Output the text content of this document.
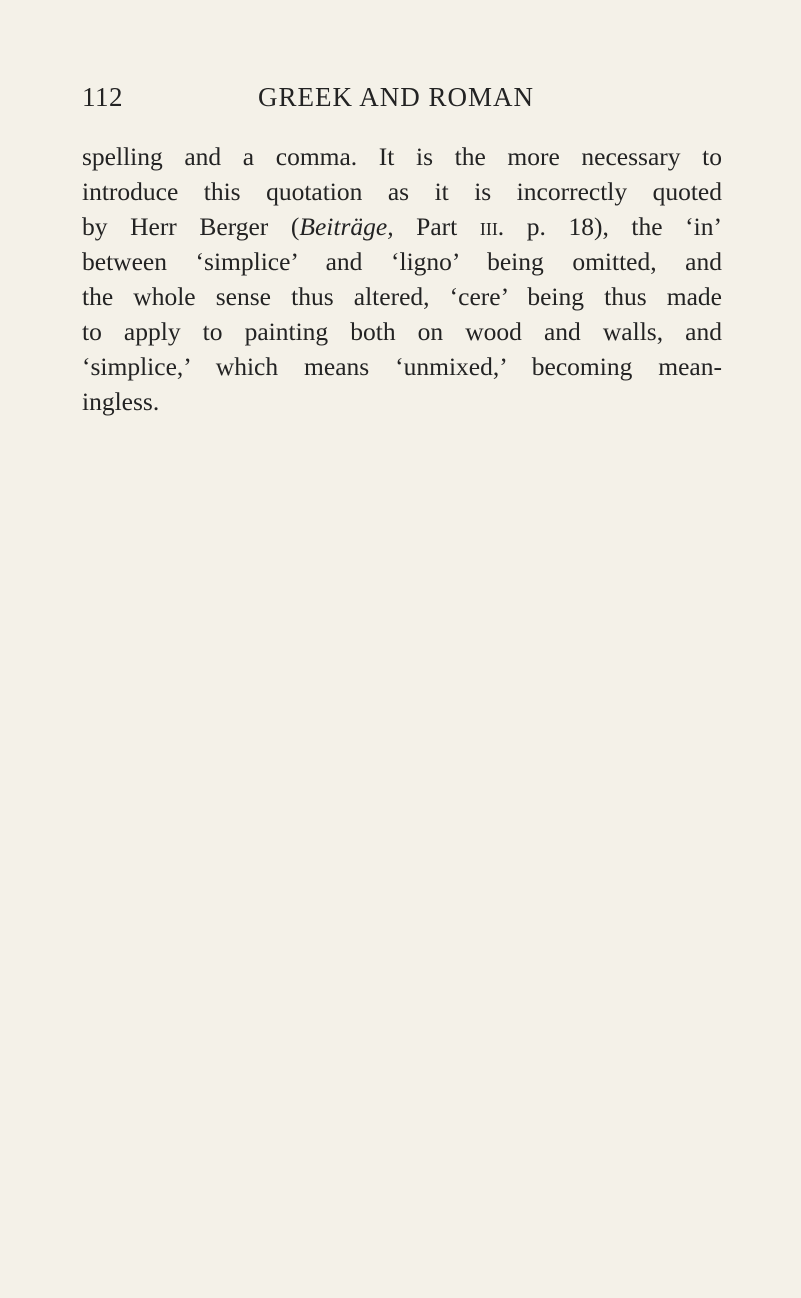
112	GREEK AND ROMAN
spelling and a comma. It is the more necessary to
introduce this quotation as it is incorrectly quoted
by Herr Berger (Beiträge, Part iii. p. 18), the ‘in’
between ‘simplice’ and ‘ligno’ being omitted, and
the whole sense thus altered, ‘cere’ being thus made
to apply to painting both on wood and walls, and
‘simplice,’ which means ‘unmixed,’ becoming mean-
ingless.
